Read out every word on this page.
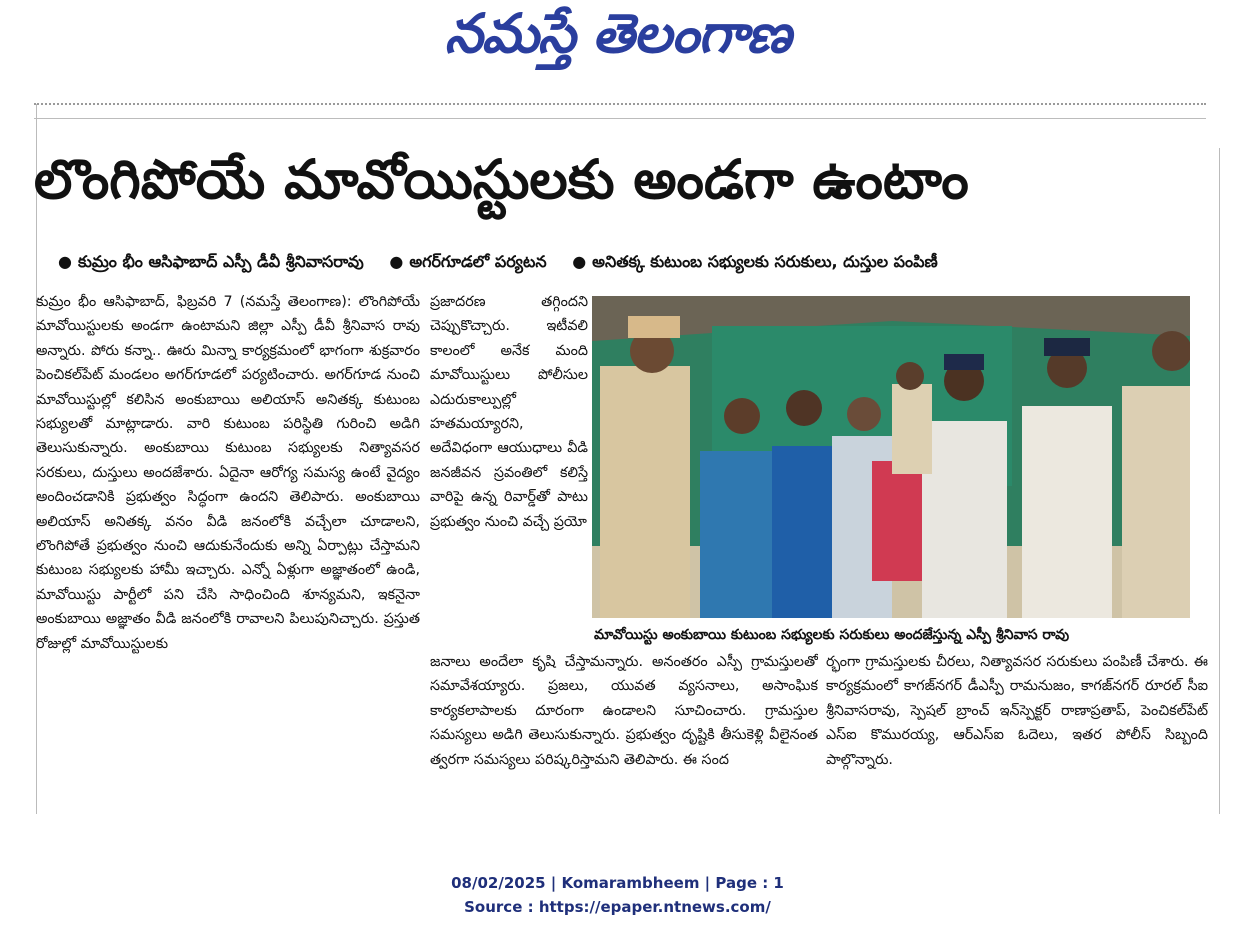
నమస్తే తెలంగాణ
లొంగిపోయే మావోయిస్టులకు అండగా ఉంటాం
● కుమ్రం భీం ఆసిఫాబాద్ ఎస్పీ డీవీ శ్రీనివాసరావు ● అగర్‌గూడలో పర్యటన ● అనితక్క కుటుంబ సభ్యులకు సరుకులు, దుస్తుల పంపిణీ

కుమ్రం భీం ఆసిఫాబాద్, ఫిబ్రవరి 7 (నమస్తే తెలంగాణ): లొంగిపోయే మావోయిస్టులకు అండగా ఉంటామని జిల్లా ఎస్పీ డీవీ శ్రీనివాస రావు అన్నారు. పోరు కన్నా.. ఊరు మిన్నా కార్యక్రమంలో భాగంగా శుక్రవారం పెంచికల్‌పేట్ మండలం అగర్‌గూడలో పర్యటించారు. అగర్‌గూడ నుంచి మావోయిస్టుల్లో కలిసిన అంకుబాయి అలియాస్ అనితక్క కుటుంబ సభ్యులతో మాట్లాడారు. వారి కుటుంబ పరిస్థితి గురించి అడిగి తెలుసుకున్నారు. అంకుబాయి కుటుంబ సభ్యులకు నిత్యావసర సరకులు, దుస్తులు అందజేశారు. ఏదైనా ఆరోగ్య సమస్య ఉంటే వైద్యం అందించడానికి ప్రభుత్వం సిద్ధంగా ఉందని తెలిపారు. అంకుబాయి అలియాస్ అనితక్క వనం వీడి జనంలోకి వచ్చేలా చూడాలని, లొంగిపోతే ప్రభుత్వం నుంచి ఆదుకునేందుకు అన్ని ఏర్పాట్లు చేస్తామని కుటుంబ సభ్యులకు హామీ ఇచ్చారు. ఎన్నో ఏళ్లుగా అజ్ఞాతంలో ఉండి, మావోయిస్టు పార్టీలో పని చేసి సాధించింది శూన్యమని, ఇకనైనా అంకుబాయి అజ్ఞాతం వీడి జనంలోకి రావాలని పిలుపునిచ్చారు. ప్రస్తుత రోజుల్లో మావోయిస్టులకు

ప్రజాదరణ తగ్గిందని చెప్పుకొచ్చారు. ఇటీవలి కాలంలో అనేక మంది మావోయిస్టులు పోలీసుల ఎదురుకాల్పుల్లో హతమయ్యారని, అదేవిధంగా ఆయుధాలు వీడి జనజీవన స్రవంతిలో కలిస్తే వారిపై ఉన్న రివార్డ్‌తో పాటు ప్రభుత్వం నుంచి వచ్చే ప్రయో

మావోయిస్టు అంకుబాయి కుటుంబ సభ్యులకు సరుకులు అందజేస్తున్న ఎస్పీ శ్రీనివాస రావు

జనాలు అందేలా కృషి చేస్తామన్నారు. అనంతరం ఎస్పీ గ్రామస్తులతో సమావేశయ్యారు. ప్రజలు, యువత వ్యసనాలు, అసాంఘిక కార్యకలాపాలకు దూరంగా ఉండాలని సూచించారు. గ్రామస్తుల సమస్యలు అడిగి తెలుసుకున్నారు. ప్రభుత్వం దృష్టికి తీసుకెళ్లి వీలైనంత త్వరగా సమస్యలు పరిష్కరిస్తామని తెలిపారు. ఈ సంద

ర్భంగా గ్రామస్తులకు చీరలు, నిత్యావసర సరుకులు పంపిణీ చేశారు. ఈ కార్యక్రమంలో కాగజ్‌నగర్ డీఎస్పీ రామనుజం, కాగజ్‌నగర్ రూరల్ సీఐ శ్రీనివాసరావు, స్పెషల్ బ్రాంచ్ ఇన్‌స్పెక్టర్ రాణాప్రతాప్, పెంచికల్‌పేట్ ఎస్ఐ కొమురయ్య, ఆర్ఎస్ఐ ఓదెలు, ఇతర పోలీస్ సిబ్బంది పాల్గొన్నారు.

08/02/2025 | Komarambheem | Page : 1
Source : https://epaper.ntnews.com/
